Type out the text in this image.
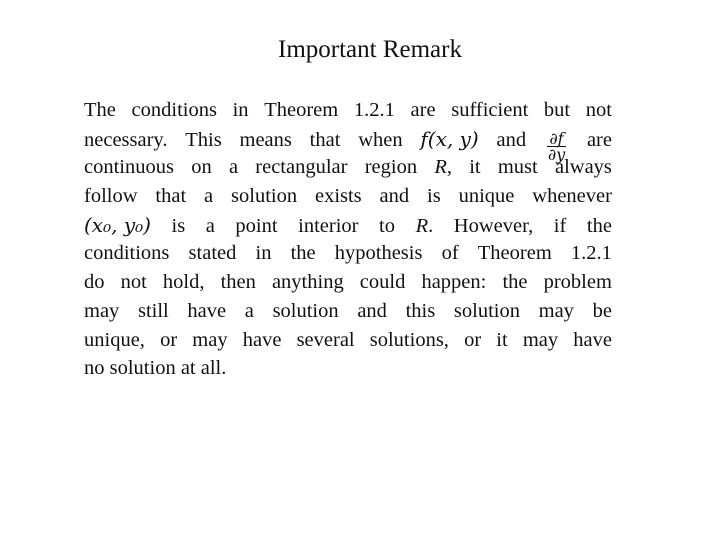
Important Remark
The conditions in Theorem 1.2.1 are sufficient but not
necessary. This means that when f(x, y) and $\frac{\partial f}{\partial y}$ are
continuous on a rectangular region R, it must always
follow that a solution exists and is unique whenever
(x₀, y₀) is a point interior to R. However, if the
conditions stated in the hypothesis of Theorem 1.2.1
do not hold, then anything could happen: the problem
may still have a solution and this solution may be
unique, or may have several solutions, or it may have
no solution at all.
